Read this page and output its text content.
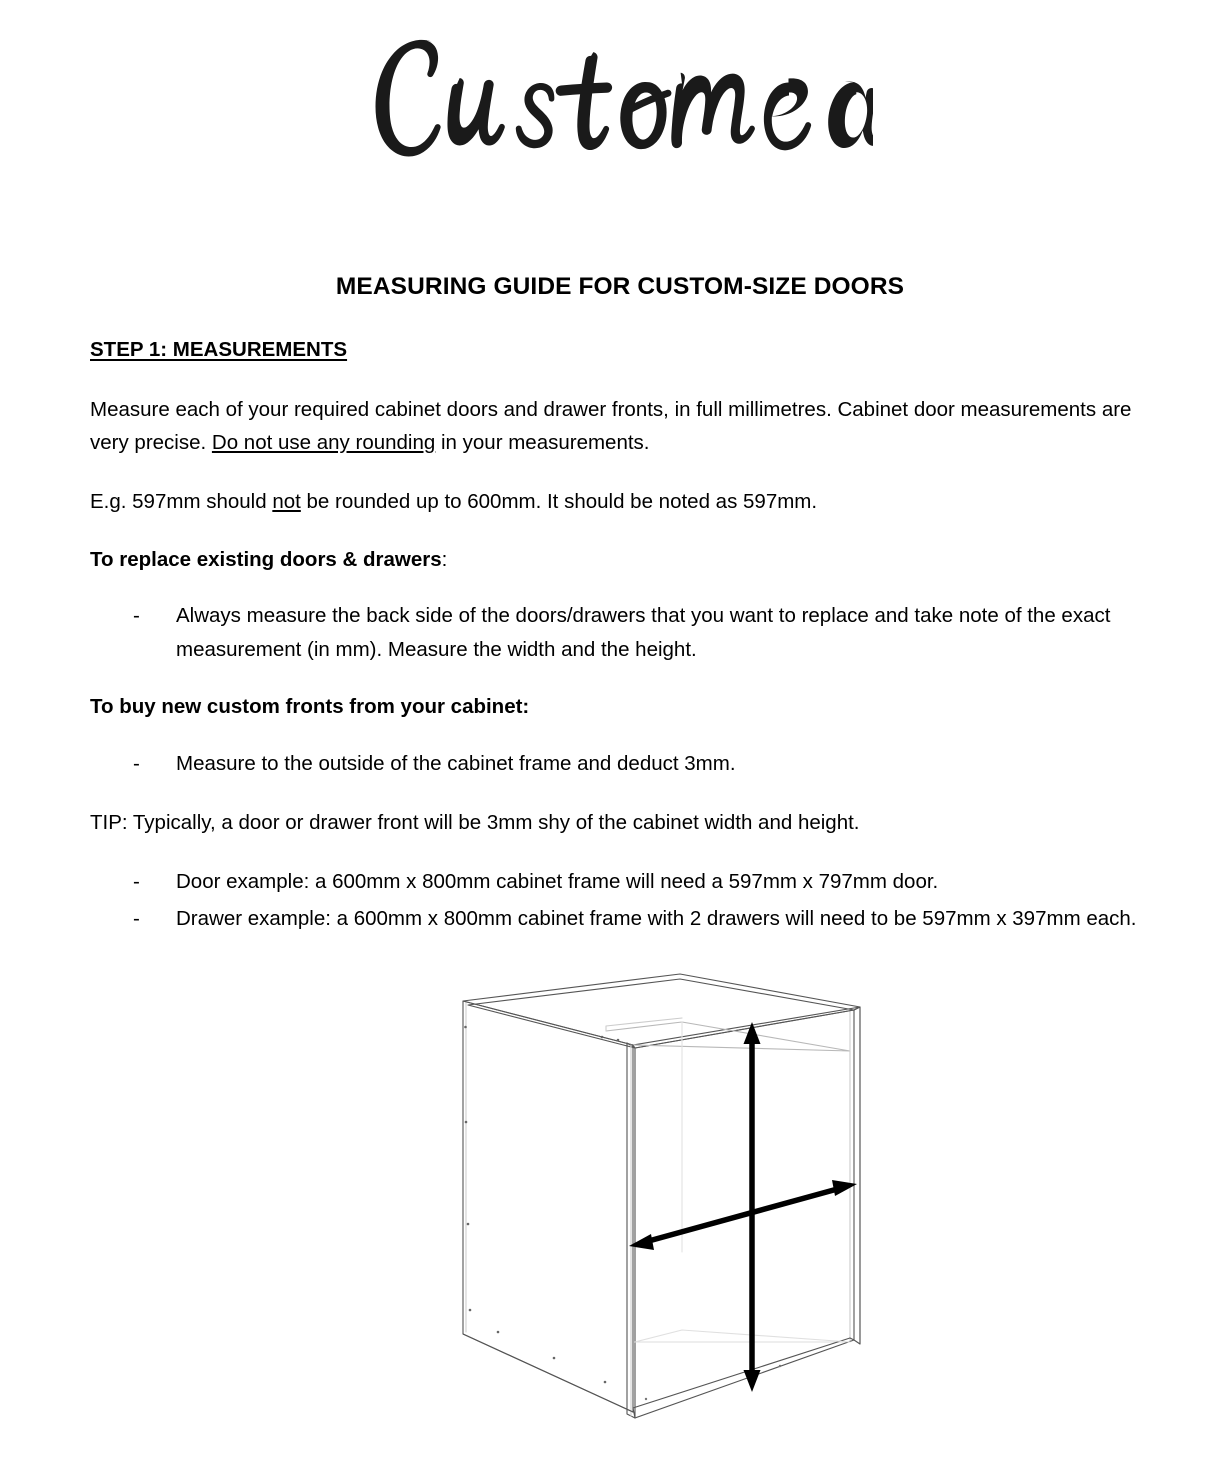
MEASURING GUIDE FOR CUSTOM-SIZE DOORS
STEP 1: MEASUREMENTS

Measure each of your required cabinet doors and drawer fronts, in full millimetres. Cabinet door measurements are very precise. Do not use any rounding in your measurements.

E.g. 597mm should not be rounded up to 600mm. It should be noted as 597mm.

To replace existing doors & drawers:

- Always measure the back side of the doors/drawers that you want to replace and take note of the exact measurement (in mm). Measure the width and the height.

To buy new custom fronts from your cabinet:

- Measure to the outside of the cabinet frame and deduct 3mm.

TIP: Typically, a door or drawer front will be 3mm shy of the cabinet width and height.

- Door example: a 600mm x 800mm cabinet frame will need a 597mm x 797mm door.
- Drawer example: a 600mm x 800mm cabinet frame with 2 drawers will need to be 597mm x 397mm each.
